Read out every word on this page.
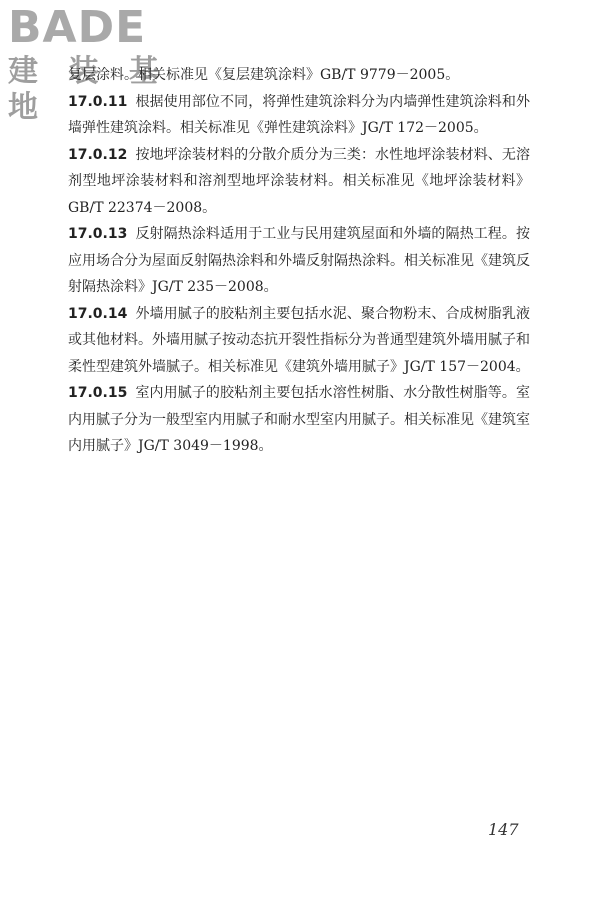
BADE
建 装 基 地

复层涂料。相关标准见《复层建筑涂料》GB/T 9779－2005。

17.0.11 根据使用部位不同，将弹性建筑涂料分为内墙弹性建筑涂料和外墙弹性建筑涂料。相关标准见《弹性建筑涂料》JG/T 172－2005。

17.0.12 按地坪涂装材料的分散介质分为三类：水性地坪涂装材料、无溶剂型地坪涂装材料和溶剂型地坪涂装材料。相关标准见《地坪涂装材料》GB/T 22374－2008。

17.0.13 反射隔热涂料适用于工业与民用建筑屋面和外墙的隔热工程。按应用场合分为屋面反射隔热涂料和外墙反射隔热涂料。相关标准见《建筑反射隔热涂料》JG/T 235－2008。

17.0.14 外墙用腻子的胶粘剂主要包括水泥、聚合物粉末、合成树脂乳液或其他材料。外墙用腻子按动态抗开裂性指标分为普通型建筑外墙用腻子和柔性型建筑外墙腻子。相关标准见《建筑外墙用腻子》JG/T 157－2004。

17.0.15 室内用腻子的胶粘剂主要包括水溶性树脂、水分散性树脂等。室内用腻子分为一般型室内用腻子和耐水型室内用腻子。相关标准见《建筑室内用腻子》JG/T 3049－1998。

147
